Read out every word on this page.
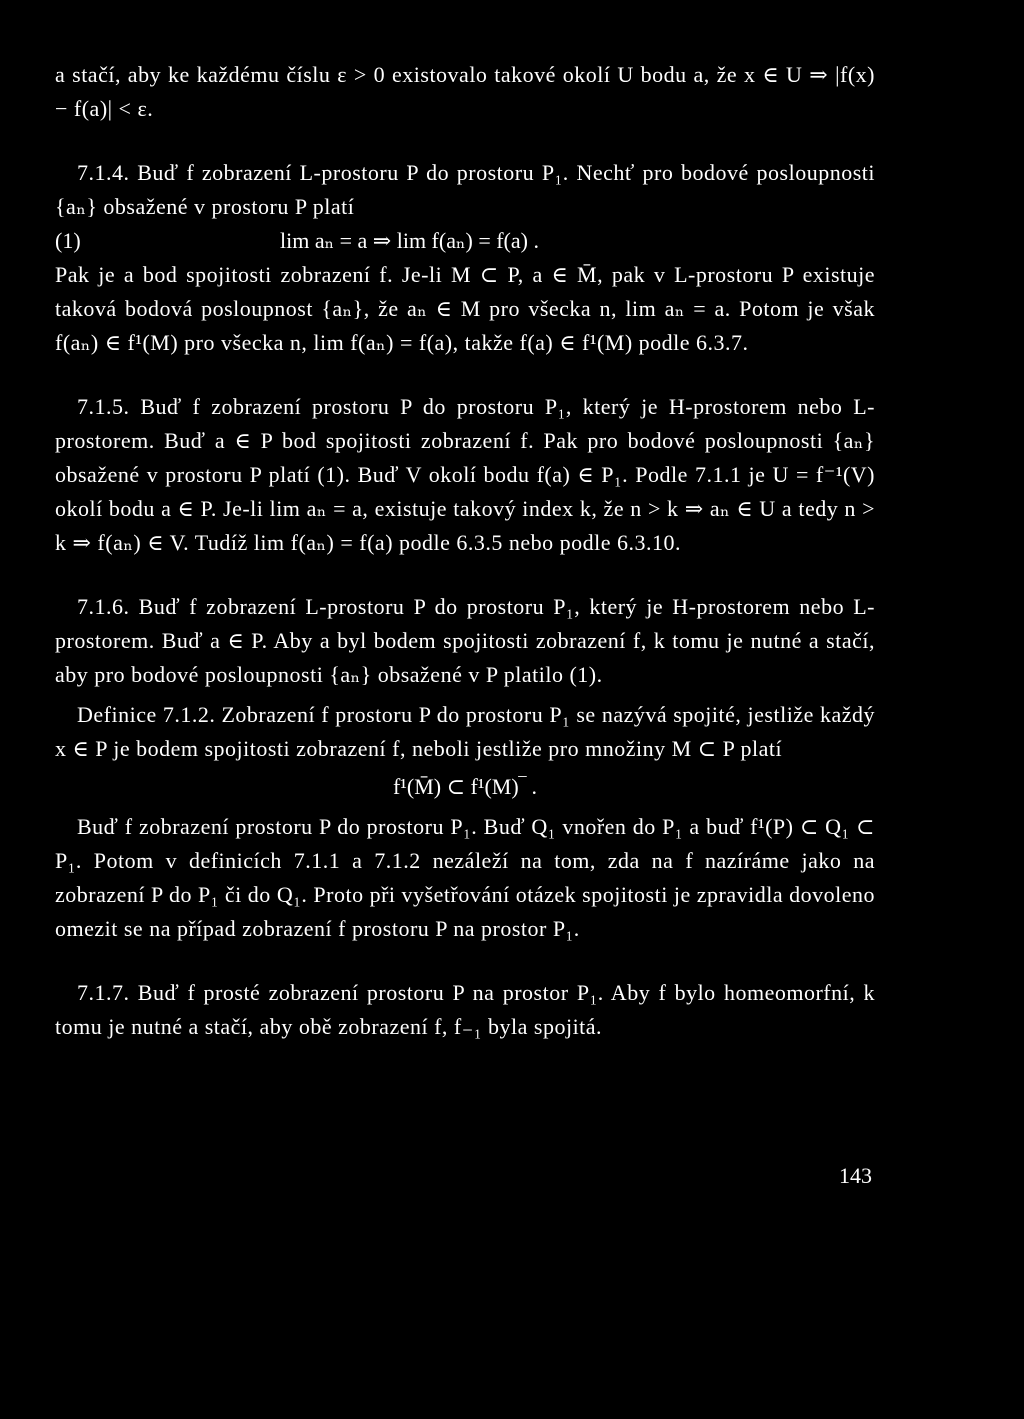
a stačí, aby ke každému číslu ε > 0 existovalo takové okolí U bodu a, že x ∈ U ⇒ |f(x) − f(a)| < ε.

7.1.4. Buď f zobrazení L-prostoru P do prostoru P₁. Nechť pro bodové posloupnosti {aₙ} obsažené v prostoru P platí

(1)	lim aₙ = a ⇒ lim f(aₙ) = f(a) .

Pak je a bod spojitosti zobrazení f. Je-li M ⊂ P, a ∈ M̄, pak v L-prostoru P existuje taková bodová posloupnost {aₙ}, že aₙ ∈ M pro všecka n, lim aₙ = a. Potom je však f(aₙ) ∈ f¹(M) pro všecka n, lim f(aₙ) = f(a), takže f(a) ∈ f¹(M) podle 6.3.7.

7.1.5. Buď f zobrazení prostoru P do prostoru P₁, který je H-prostorem nebo L-prostorem. Buď a ∈ P bod spojitosti zobrazení f. Pak pro bodové posloupnosti {aₙ} obsažené v prostoru P platí (1). Buď V okolí bodu f(a) ∈ P₁. Podle 7.1.1 je U = f⁻¹(V) okolí bodu a ∈ P. Je-li lim aₙ = a, existuje takový index k, že n > k ⇒ aₙ ∈ U a tedy n > k ⇒ f(aₙ) ∈ V. Tudíž lim f(aₙ) = f(a) podle 6.3.5 nebo podle 6.3.10.

7.1.6. Buď f zobrazení L-prostoru P do prostoru P₁, který je H-prostorem nebo L-prostorem. Buď a ∈ P. Aby a byl bodem spojitosti zobrazení f, k tomu je nutné a stačí, aby pro bodové posloupnosti {aₙ} obsažené v P platilo (1).

Definice 7.1.2. Zobrazení f prostoru P do prostoru P₁ se nazývá spojité, jestliže každý x ∈ P je bodem spojitosti zobrazení f, neboli jestliže pro množiny M ⊂ P platí

f¹(M̄) ⊂ f¹(M)‾ .

Buď f zobrazení prostoru P do prostoru P₁. Buď Q₁ vnořen do P₁ a buď f¹(P) ⊂ Q₁ ⊂ P₁. Potom v definicích 7.1.1 a 7.1.2 nezáleží na tom, zda na f nazíráme jako na zobrazení P do P₁ či do Q₁. Proto při vyšetřování otázek spojitosti je zpravidla dovoleno omezit se na případ zobrazení f prostoru P na prostor P₁.

7.1.7. Buď f prosté zobrazení prostoru P na prostor P₁. Aby f bylo homeomorfní, k tomu je nutné a stačí, aby obě zobrazení f, f₋₁ byla spojitá.

143
